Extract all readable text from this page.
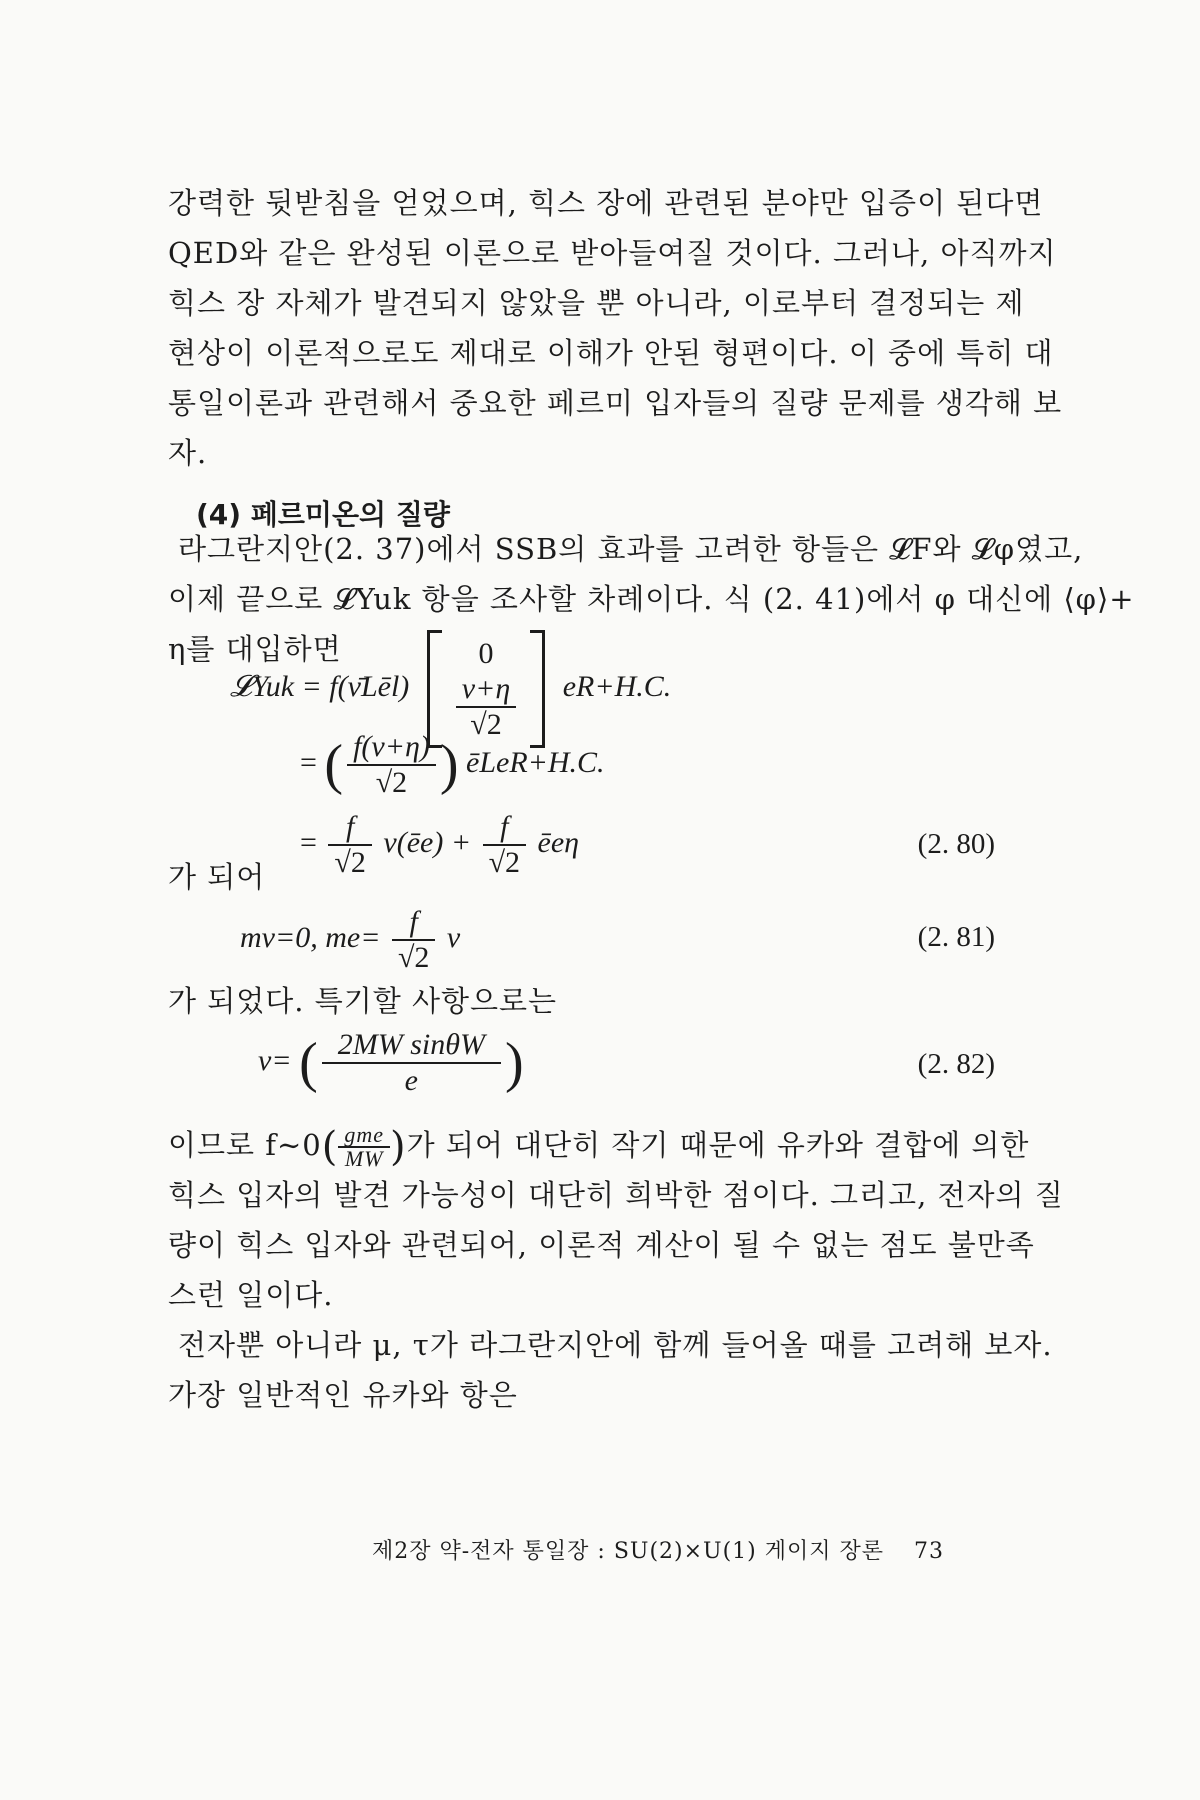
강력한 뒷받침을 얻었으며, 힉스 장에 관련된 분야만 입증이 된다면
QED와 같은 완성된 이론으로 받아들여질 것이다. 그러나, 아직까지
힉스 장 자체가 발견되지 않았을 뿐 아니라, 이로부터 결정되는 제
현상이 이론적으로도 제대로 이해가 안된 형편이다. 이 중에 특히 대
통일이론과 관련해서 중요한 페르미 입자들의 질량 문제를 생각해 보
자.
(4) 페르미온의 질량
라그란지안(2. 37)에서 SSB의 효과를 고려한 항들은 𝓛F와 𝓛φ였고,
이제 끝으로 𝓛Yuk 항을 조사할 차례이다. 식 (2. 41)에서 φ 대신에 ⟨φ⟩+
η를 대입하면
𝓛Yuk = f(ν̄Lēl)
0
$\frac{v+\eta}{√2} eR+H.C$.
= ( $\frac{f(v+\eta)}{√2}$ ) ēLeR+H.C.
= $\frac{f}{√2}$ v(ēe) + $\frac{f}{√2}$ ēeη	(2. 80)
가 되어
mν=0, $me= \frac{f}{√2}$ v	(2. 81)
가 되었다. 특기할 사항으로는
v= ( $\frac{\text{2MW sinθW}}{e}$ )	(2. 82)
이므로 f∼0( $\frac{\text{gme}}{MW}$ )가 되어 대단히 작기 때문에 유카와 결합에 의한
힉스 입자의 발견 가능성이 대단히 희박한 점이다. 그리고, 전자의 질
량이 힉스 입자와 관련되어, 이론적 계산이 될 수 없는 점도 불만족
스런 일이다.
전자뿐 아니라 μ, τ가 라그란지안에 함께 들어올 때를 고려해 보자.
가장 일반적인 유카와 항은
제2장 약-전자 통일장 : SU(2)×U(1) 게이지 장론 73
